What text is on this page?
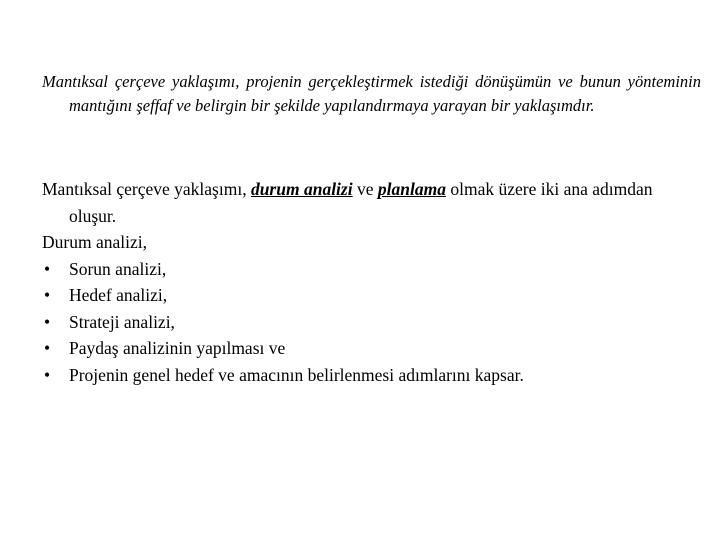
Mantıksal çerçeve yaklaşımı, projenin gerçekleştirmek istediği dönüşümün ve bunun yönteminin mantığını şeffaf ve belirgin bir şekilde yapılandırmaya yarayan bir yaklaşımdır.

Mantıksal çerçeve yaklaşımı, durum analizi ve planlama olmak üzere iki ana adımdan oluşur.

Durum analizi,

• Sorun analizi,
• Hedef analizi,
• Strateji analizi,
• Paydaş analizinin yapılması ve
• Projenin genel hedef ve amacının belirlenmesi adımlarını kapsar.
